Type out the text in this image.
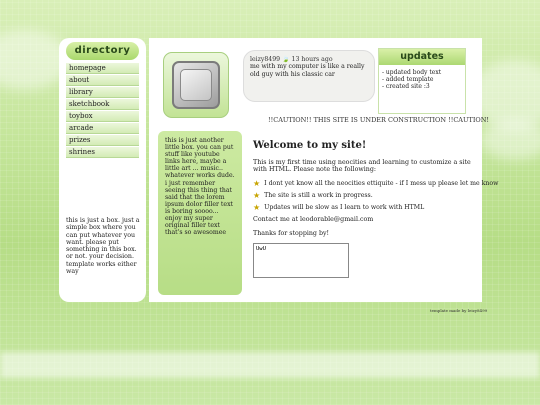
directory
homepage
about
library
sketchbook
toybox
arcade
prizes
shrines
this is just a box. just a simple box where you can put whatever you want. please put something in this box. or not. your decision. template works either way
leizy8499 🍃 13 hours ago
me with my computer is like a really old guy with his classic car
updates
- updated body text
- added template
- created site :3
!!CAUTION!! THIS SITE IS UNDER CONSTRUCTION !!CAUTION!
this is just another little box. you can put stuff like youtube links here, maybe a little art ... music.. whatever works dude. i just remember seeing this thing that said that the lorem ipsum dolor filler text is boring soooo... enjoy my super original filler text that's so awesomee
Welcome to my site!
This is my first time using neocities and learning to customize a site with HTML. Please note the following:
★ I dont yet know all the neocities ettiquite - if I mess up please let me know
★ The site is still a work in progress.
★ Updates will be slow as I learn to work with HTML
Contact me at leodorable@gmail.com
Thanks for stopping by!
UwU
template made by leizy8499
